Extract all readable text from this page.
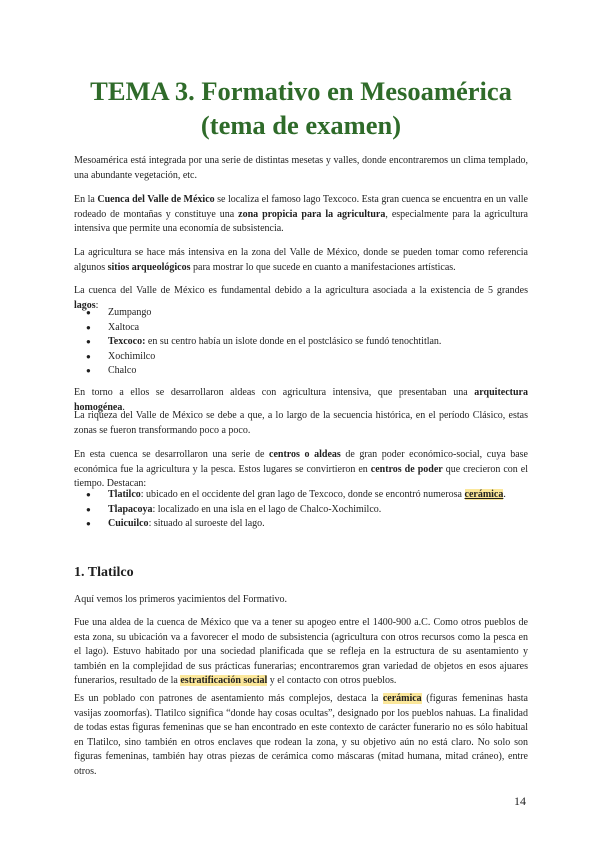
TEMA 3. Formativo en Mesoamérica
(tema de examen)

Mesoamérica está integrada por una serie de distintas mesetas y valles, donde encontraremos un clima templado, una abundante vegetación, etc.

En la Cuenca del Valle de México se localiza el famoso lago Texcoco. Esta gran cuenca se encuentra en un valle rodeado de montañas y constituye una zona propicia para la agricultura, especialmente para la agricultura intensiva que permite una economía de subsistencia.

La agricultura se hace más intensiva en la zona del Valle de México, donde se pueden tomar como referencia algunos sitios arqueológicos para mostrar lo que sucede en cuanto a manifestaciones artísticas.

La cuenca del Valle de México es fundamental debido a la agricultura asociada a la existencia de 5 grandes lagos:

● Zumpango
● Xaltoca
● Texcoco: en su centro había un islote donde en el postclásico se fundó tenochtitlan.
● Xochimilco
● Chalco

En torno a ellos se desarrollaron aldeas con agricultura intensiva, que presentaban una arquitectura homogénea.

La riqueza del Valle de México se debe a que, a lo largo de la secuencia histórica, en el período Clásico, estas zonas se fueron transformando poco a poco.

En esta cuenca se desarrollaron una serie de centros o aldeas de gran poder económico-social, cuya base económica fue la agricultura y la pesca. Estos lugares se convirtieron en centros de poder que crecieron con el tiempo. Destacan:

● Tlatilco: ubicado en el occidente del gran lago de Texcoco, donde se encontró numerosa cerámica.
● Tlapacoya: localizado en una isla en el lago de Chalco-Xochimilco.
● Cuicuilco: situado al suroeste del lago.
1. Tlatilco

Aquí vemos los primeros yacimientos del Formativo.

Fue una aldea de la cuenca de México que va a tener su apogeo entre el 1400-900 a.C. Como otros pueblos de esta zona, su ubicación va a favorecer el modo de subsistencia (agricultura con otros recursos como la pesca en el lago). Estuvo habitado por una sociedad planificada que se refleja en la estructura de su asentamiento y también en la complejidad de sus prácticas funerarias; encontraremos gran variedad de objetos en esos ajuares funerarios, resultado de la estratificación social y el contacto con otros pueblos.

Es un poblado con patrones de asentamiento más complejos, destaca la cerámica (figuras femeninas hasta vasijas zoomorfas). Tlatilco significa “donde hay cosas ocultas”, designado por los pueblos nahuas. La finalidad de todas estas figuras femeninas que se han encontrado en este contexto de carácter funerario no es sólo habitual en Tlatilco, sino también en otros enclaves que rodean la zona, y su objetivo aún no está claro. No solo son figuras femeninas, también hay otras piezas de cerámica como máscaras (mitad humana, mitad cráneo), entre otros.

14
